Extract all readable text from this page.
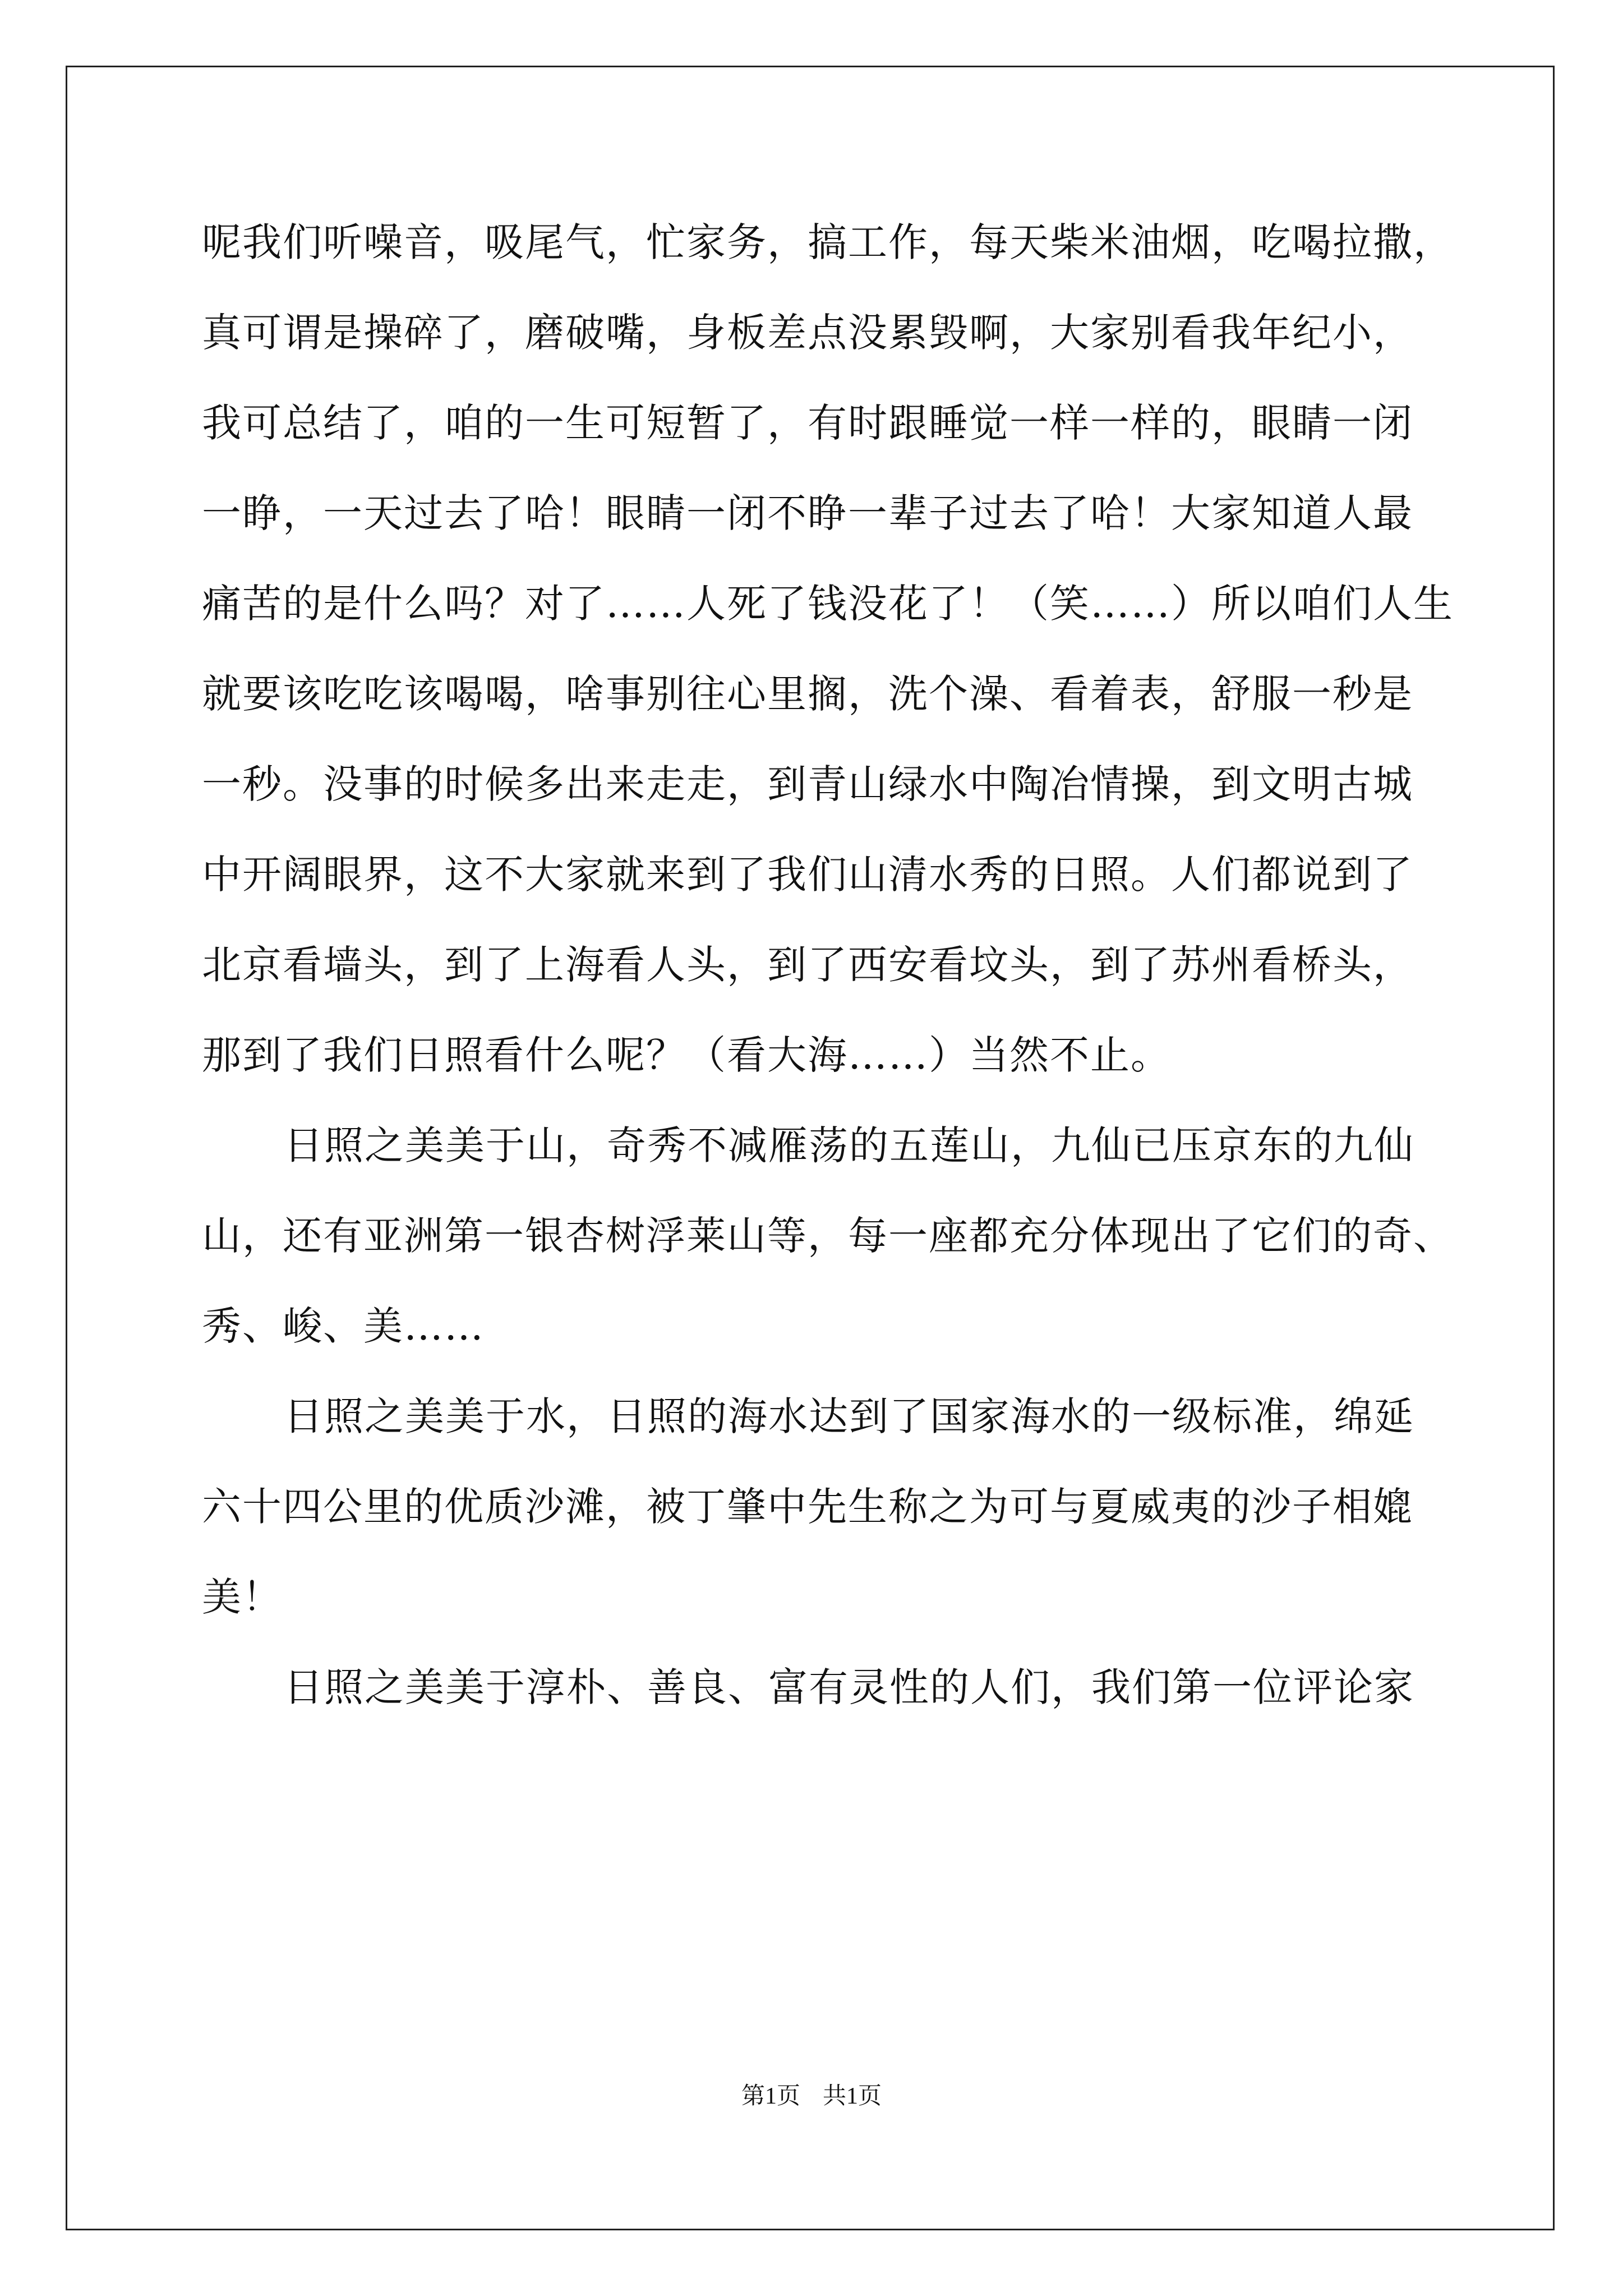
呢我们听噪音，吸尾气，忙家务，搞工作，每天柴米油烟，吃喝拉撒，
真可谓是操碎了，磨破嘴，身板差点没累毁啊，大家别看我年纪小，
我可总结了，咱的一生可短暂了，有时跟睡觉一样一样的，眼睛一闭
一睁，一天过去了哈！眼睛一闭不睁一辈子过去了哈！大家知道人最
痛苦的是什么吗？对了……人死了钱没花了！（笑……）所以咱们人生
就要该吃吃该喝喝，啥事别往心里搁，洗个澡、看着表，舒服一秒是
一秒。没事的时候多出来走走，到青山绿水中陶冶情操，到文明古城
中开阔眼界，这不大家就来到了我们山清水秀的日照。人们都说到了
北京看墙头，到了上海看人头，到了西安看坟头，到了苏州看桥头，
那到了我们日照看什么呢？（看大海……）当然不止。
日照之美美于山，奇秀不减雁荡的五莲山，九仙已压京东的九仙
山，还有亚洲第一银杏树浮莱山等，每一座都充分体现出了它们的奇、
秀、峻、美……
日照之美美于水，日照的海水达到了国家海水的一级标准，绵延
六十四公里的优质沙滩，被丁肇中先生称之为可与夏威夷的沙子相媲
美！
日照之美美于淳朴、善良、富有灵性的人们，我们第一位评论家
第1页 共1页
